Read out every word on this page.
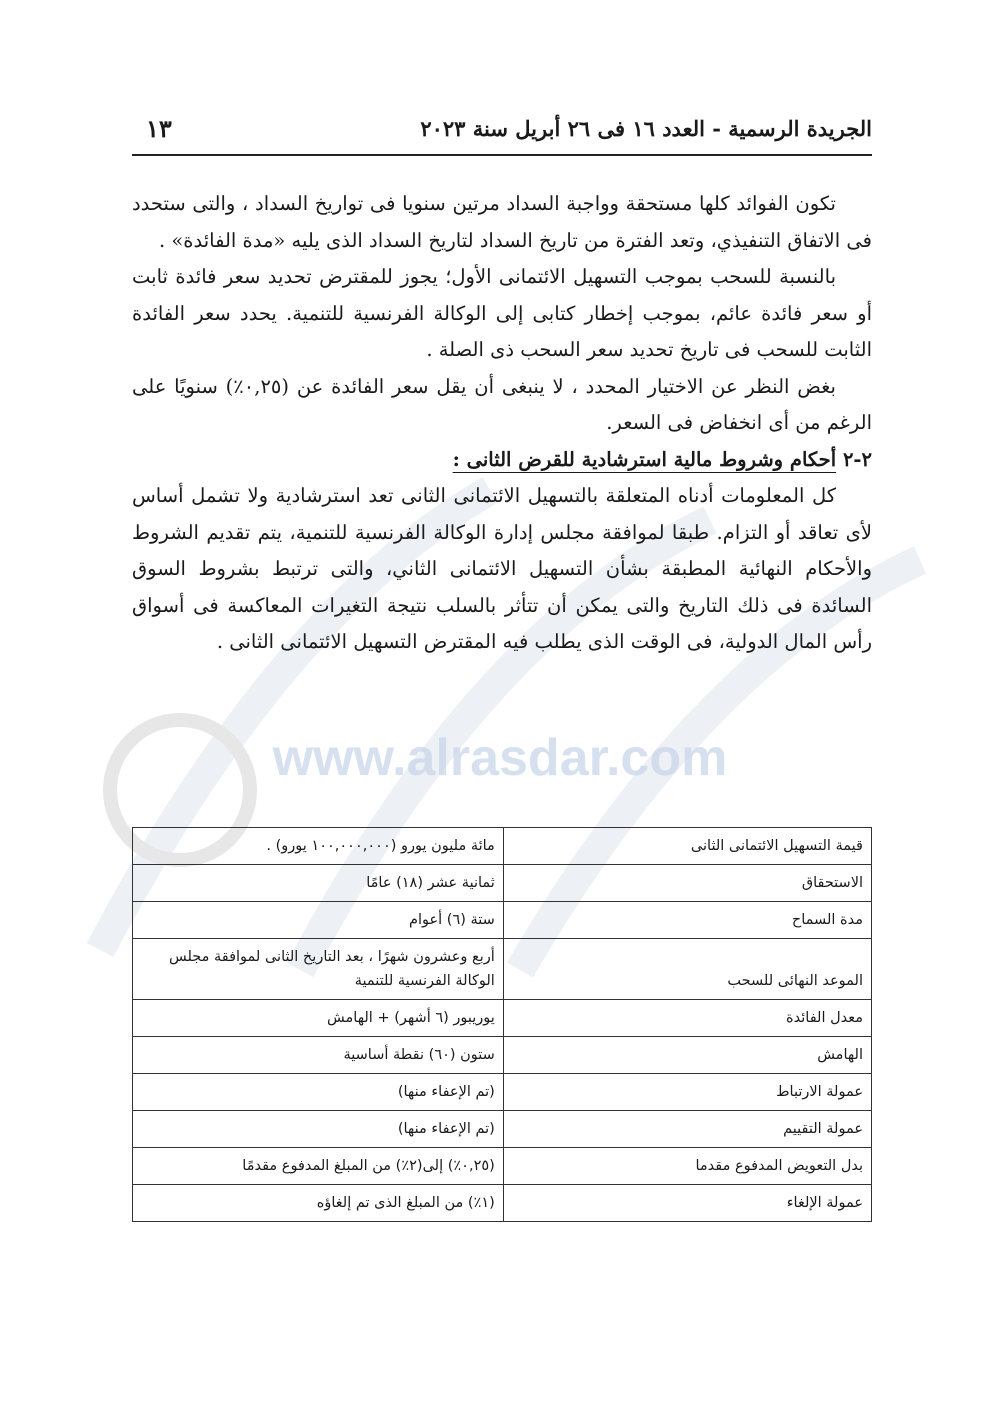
www.alrasdar.com
الجريدة الرسمية - العدد ١٦ فى ٢٦ أبريل سنة ٢٠٢٣
١٣

تكون الفوائد كلها مستحقة وواجبة السداد مرتين سنويا فى تواريخ السداد ، والتى ستحدد فى الاتفاق التنفيذي، وتعد الفترة من تاريخ السداد لتاريخ السداد الذى يليه «مدة الفائدة» .

بالنسبة للسحب بموجب التسهيل الائتمانى الأول؛ يجوز للمقترض تحديد سعر فائدة ثابت أو سعر فائدة عائم، بموجب إخطار كتابى إلى الوكالة الفرنسية للتنمية. يحدد سعر الفائدة الثابت للسحب فى تاريخ تحديد سعر السحب ذى الصلة .

بغض النظر عن الاختيار المحدد ، لا ينبغى أن يقل سعر الفائدة عن (٠,٢٥٪) سنويًا على الرغم من أى انخفاض فى السعر.

٢-٢ أحكام وشروط مالية استرشادية للقرض الثانى :

كل المعلومات أدناه المتعلقة بالتسهيل الائتمانى الثانى تعد استرشادية ولا تشمل أساس لأى تعاقد أو التزام. طبقا لموافقة مجلس إدارة الوكالة الفرنسية للتنمية، يتم تقديم الشروط والأحكام النهائية المطبقة بشأن التسهيل الائتمانى الثاني، والتى ترتبط بشروط السوق السائدة فى ذلك التاريخ والتى يمكن أن تتأثر بالسلب نتيجة التغيرات المعاكسة فى أسواق رأس المال الدولية، فى الوقت الذى يطلب فيه المقترض التسهيل الائتمانى الثانى .

قيمة التسهيل الائتمانى الثانى	مائة مليون يورو (١٠٠,٠٠٠,٠٠٠ يورو) .
الاستحقاق	ثمانية عشر (١٨) عامًا
مدة السماح	ستة (٦) أعوام
الموعد النهائى للسحب	أربع وعشرون شهرًا ، بعد التاريخ الثانى لموافقة مجلس الوكالة الفرنسية للتنمية
معدل الفائدة	يوريبور (٦ أشهر) + الهامش
الهامش	ستون (٦٠) نقطة أساسية
عمولة الارتباط	(تم الإعفاء منها)
عمولة التقييم	(تم الإعفاء منها)
بدل التعويض المدفوع مقدما	(٠,٢٥٪) إلى(٢٪) من المبلغ المدفوع مقدمًا
عمولة الإلغاء	(١٪) من المبلغ الذى تم إلغاؤه
